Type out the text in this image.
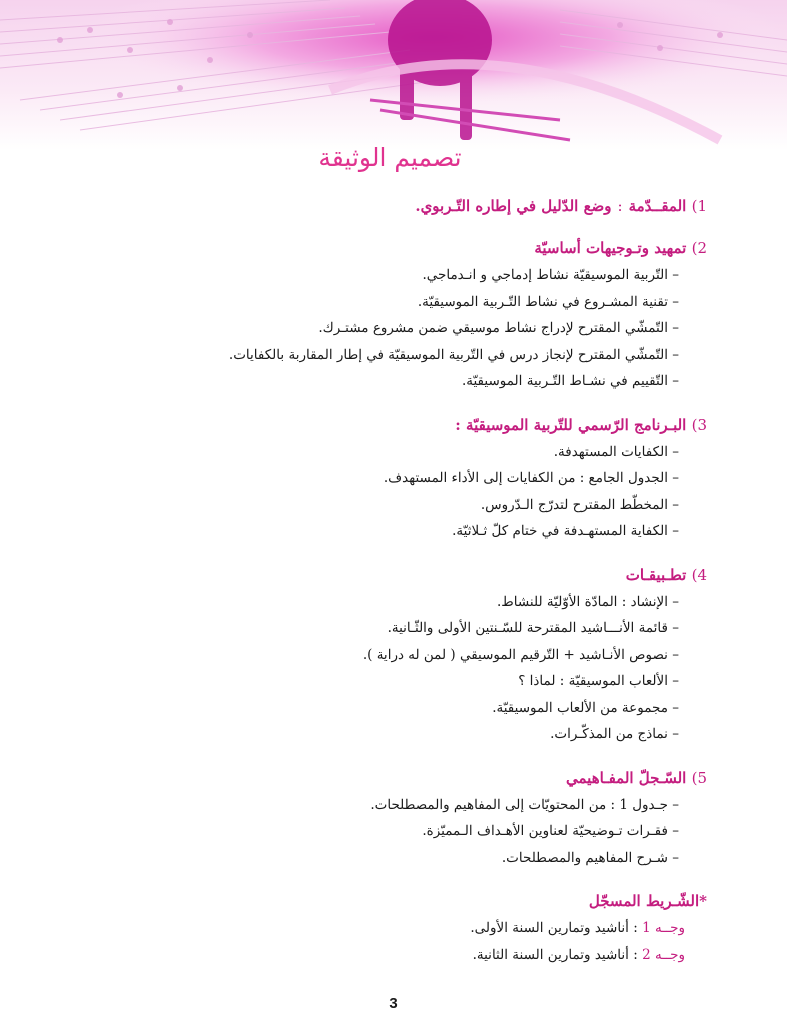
تصميم الوثيقة

1) المقــدّمة:وضع الدّليل في إطاره التّـربوي.

2) تمهيد وتـوجيهات أساسيّة

– التّربية الموسيقيّة نشاط إدماجي و انـدماجي.
– تقنية المشـروع في نشاط التّـربية الموسيقيّة.
– التّمشّي المقترح لإدراج نشاط موسيقي ضمن مشروع مشتـرك.
– التّمشّي المقترح لإنجاز درس في التّربية الموسيقيّة في إطار المقاربة بالكفايات.
– التّقييم في نشـاط التّـربية الموسيقيّة.

3) البـرنامج الرّسمي للتّربية الموسيقيّة :

– الكفايات المستهدفة.
– الجدول الجامع : من الكفايات إلى الأداء المستهدف.
– المخطّط المقترح لتدرّج الـدّروس.
– الكفاية المستهـدفة في ختام كلّ ثـلاثيّة.

4) تطـبيقـات

– الإنشاد : المادّة الأوّليّة للنشاط.
– قائمة الأنـــاشيد المقترحة للسّـنتين الأولى والثّـانية.
– نصوص الأنـاشيد + التّرقيم الموسيقي ( لمن له دراية ).
– الألعاب الموسيقيّة : لماذا ؟
– مجموعة من الألعاب الموسيقيّة.
– نماذج من المذكّـرات.

5) السّـجلّ المفـاهيمي

– جـدول 1 : من المحتويّات إلى المفاهيم والمصطلحات.
– فقـرات تـوضيحيّة لعناوين الأهـداف الـمميّزة.
– شـرح المفاهيم والمصطلحات.

*الشّـريط المسجّل

وجــه 1 : أناشيد وتمارين السنة الأولى.
وجــه 2 : أناشيد وتمارين السنة الثانية.
3
